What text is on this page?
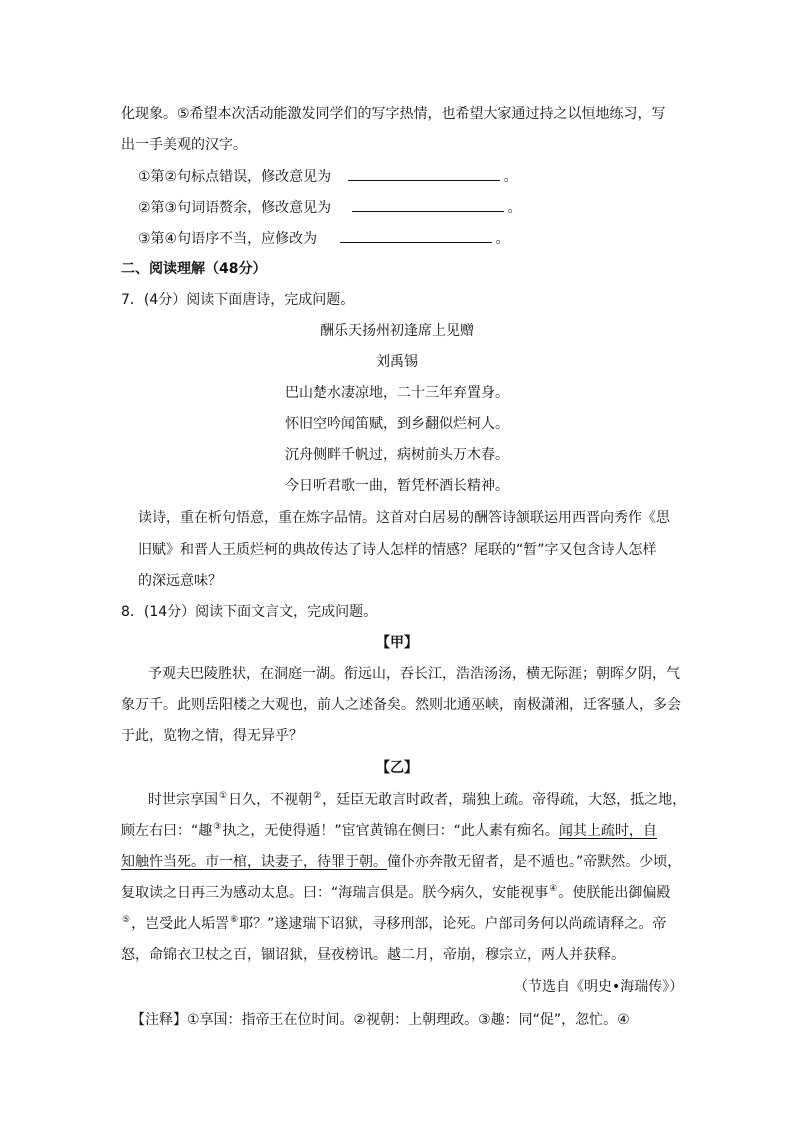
化现象。⑤希望本次活动能激发同学们的写字热情，也希望大家通过持之以恒地练习，写
出一手美观的汉字。
①第②句标点错误，修改意见为	。
②第③句词语赘余，修改意见为	。
③第④句语序不当，应修改为	。
二、阅读理解（48分）
7．(4分）阅读下面唐诗，完成问题。
酬乐天扬州初逢席上见赠
刘禹锡
巴山楚水凄凉地，二十三年弃置身。
怀旧空吟闻笛赋，到乡翻似烂柯人。
沉舟侧畔千帆过，病树前头万木春。
今日听君歌一曲，暂凭杯酒长精神。
读诗，重在析句悟意，重在炼字品情。这首对白居易的酬答诗颔联运用西晋向秀作《思
旧赋》和晋人王质烂柯的典故传达了诗人怎样的情感？尾联的“暂”字又包含诗人怎样
的深远意味？
8．(14分）阅读下面文言文，完成问题。
【甲】
予观夫巴陵胜状，在洞庭一湖。衔远山，吞长江，浩浩汤汤，横无际涯；朝晖夕阴，气
象万千。此则岳阳楼之大观也，前人之述备矣。然则北通巫峡，南极潇湘，迁客骚人，多会
于此，览物之情，得无异乎？
【乙】
时世宗享国①日久，不视朝②，廷臣无敢言时政者，瑞独上疏。帝得疏，大怒，抵之地，
顾左右曰：“趣③执之，无使得遁！”宦官黄锦在侧曰：“此人素有痴名。闻其上疏时，自
知触忤当死。市一棺，诀妻子，待罪于朝。僮仆亦奔散无留者，是不遁也。”帝默然。少顷，
复取读之日再三为感动太息。曰：“海瑞言俱是。朕今病久，安能视事④。使朕能出御偏殿
⑤，岂受此人垢詈⑥耶？”遂逮瑞下诏狱，寻移刑部，论死。户部司务何以尚疏请释之。帝
怒，命锦衣卫杖之百，锢诏狱，昼夜榜讯。越二月，帝崩，穆宗立，两人并获释。
（节选自《明史•海瑞传》）
【注释】①享国：指帝王在位时间。②视朝：上朝理政。③趣：同“促”，忽忙。④
